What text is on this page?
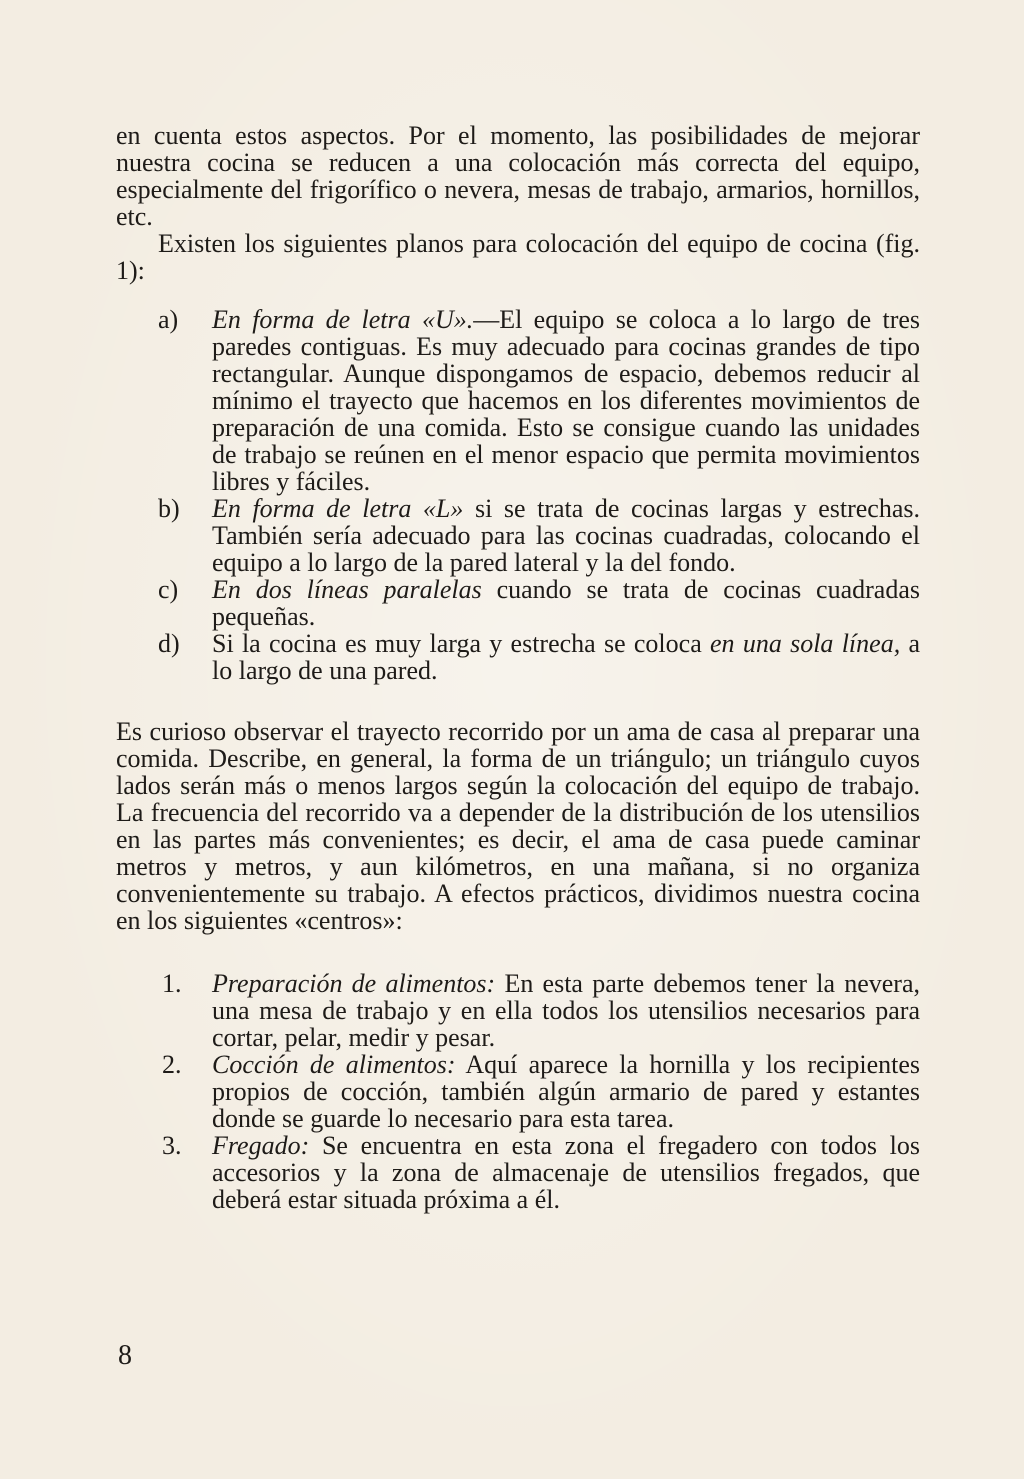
en cuenta estos aspectos. Por el momento, las posibilidades de mejorar nuestra cocina se reducen a una colocación más correcta del equipo, especialmente del frigorífico o nevera, mesas de trabajo, armarios, hornillos, etc.

Existen los siguientes planos para colocación del equipo de cocina (fig. 1):

a)	En forma de letra «U».—El equipo se coloca a lo largo de tres paredes contiguas. Es muy adecuado para cocinas grandes de tipo rectangular. Aunque dispongamos de espacio, debemos reducir al mínimo el trayecto que hacemos en los diferentes movimientos de preparación de una comida. Esto se consigue cuando las unidades de trabajo se reúnen en el menor espacio que permita movimientos libres y fáciles.
b)	En forma de letra «L» si se trata de cocinas largas y estrechas. También sería adecuado para las cocinas cuadradas, colocando el equipo a lo largo de la pared lateral y la del fondo.
c)	En dos líneas paralelas cuando se trata de cocinas cuadradas pequeñas.
d)	Si la cocina es muy larga y estrecha se coloca en una sola línea, a lo largo de una pared.

Es curioso observar el trayecto recorrido por un ama de casa al preparar una comida. Describe, en general, la forma de un triángulo; un triángulo cuyos lados serán más o menos largos según la colocación del equipo de trabajo. La frecuencia del recorrido va a depender de la distribución de los utensilios en las partes más convenientes; es decir, el ama de casa puede caminar metros y metros, y aun kilómetros, en una mañana, si no organiza convenientemente su trabajo. A efectos prácticos, dividimos nuestra cocina en los siguientes «centros»:

1.	Preparación de alimentos: En esta parte debemos tener la nevera, una mesa de trabajo y en ella todos los utensilios necesarios para cortar, pelar, medir y pesar.
2.	Cocción de alimentos: Aquí aparece la hornilla y los recipientes propios de cocción, también algún armario de pared y estantes donde se guarde lo necesario para esta tarea.
3.	Fregado: Se encuentra en esta zona el fregadero con todos los accesorios y la zona de almacenaje de utensilios fregados, que deberá estar situada próxima a él.
8
